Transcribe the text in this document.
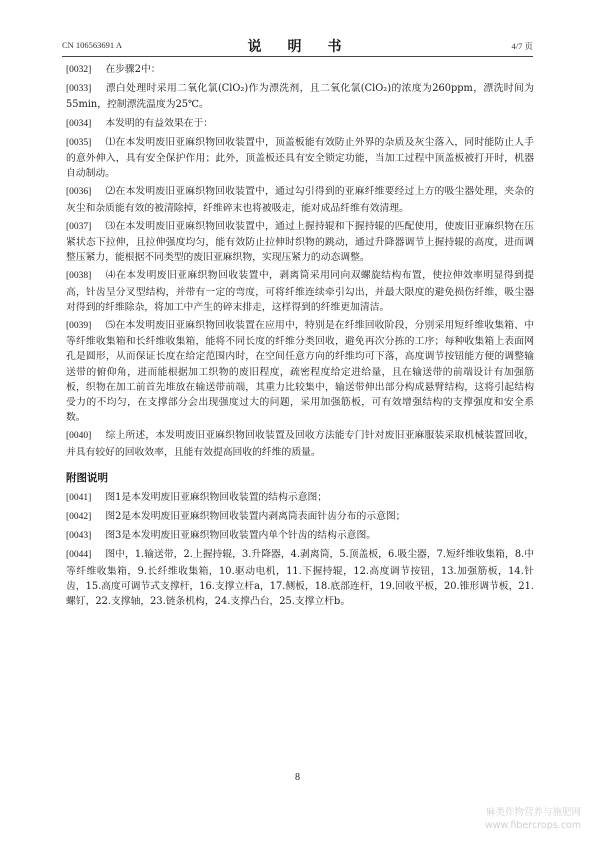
CN 106563691 A	说　明　书	4/7 页

[0032] 在步骤2中：

[0033] 漂白处理时采用二氧化氯(ClO₂)作为漂洗剂，且二氧化氯(ClO₂)的浓度为260ppm，漂洗时间为55min，控制漂洗温度为25℃。

[0034] 本发明的有益效果在于：

[0035] ⑴在本发明废旧亚麻织物回收装置中，顶盖板能有效防止外界的杂质及灰尘落入，同时能防止人手的意外伸入，具有安全保护作用；此外，顶盖板还具有安全锁定功能，当加工过程中顶盖板被打开时，机器自动制动。

[0036] ⑵在本发明废旧亚麻织物回收装置中，通过勾引得到的亚麻纤维要经过上方的吸尘器处理，夹杂的灰尘和杂质能有效的被清除掉，纤维碎末也将被吸走，能对成品纤维有效清理。

[0037] ⑶在本发明废旧亚麻织物回收装置中，通过上握持辊和下握持辊的匹配使用，使废旧亚麻织物在压紧状态下拉伸，且拉伸强度均匀，能有效防止拉伸时织物的跳动，通过升降器调节上握持辊的高度，进而调整压紧力，能根据不同类型的废旧亚麻织物，实现压紧力的动态调整。

[0038] ⑷在本发明废旧亚麻织物回收装置中，剥离筒采用同向双螺旋结构布置，使拉伸效率明显得到提高，针齿呈分叉型结构，并带有一定的弯度，可将纤维连续牵引勾出，并最大限度的避免损伤纤维，吸尘器对得到的纤维除杂，将加工中产生的碎末排走，这样得到的纤维更加清洁。

[0039] ⑸在本发明废旧亚麻织物回收装置在应用中，特别是在纤维回收阶段，分别采用短纤维收集箱、中等纤维收集箱和长纤维收集箱，能将不同长度的纤维分类回收，避免再次分拣的工序；每种收集箱上表面网孔是圆形，从而保证长度在给定范围内时，在空间任意方向的纤维均可下落，高度调节按钮能方便的调整输送带的俯仰角，进而能根据加工织物的废旧程度，疏密程度给定进给量，且在输送带的前端设计有加强筋板，织物在加工前首先堆放在输送带前端，其重力比较集中，输送带伸出部分构成悬臂结构，这将引起结构受力的不均匀，在支撑部分会出现强度过大的问题，采用加强筋板，可有效增强结构的支撑强度和安全系数。

[0040] 综上所述，本发明废旧亚麻织物回收装置及回收方法能专门针对废旧亚麻服装采取机械装置回收，并具有较好的回收效率，且能有效提高回收的纤维的质量。

附图说明

[0041] 图1是本发明废旧亚麻织物回收装置的结构示意图；

[0042] 图2是本发明废旧亚麻织物回收装置内剥离筒表面针齿分布的示意图；

[0043] 图3是本发明废旧亚麻织物回收装置内单个针齿的结构示意图。

[0044] 图中，1.输送带，2.上握持辊，3.升降器，4.剥离筒，5.顶盖板，6.吸尘器，7.短纤维收集箱，8.中等纤维收集箱，9.长纤维收集箱，10.驱动电机，11.下握持辊，12.高度调节按钮，13.加强筋板，14.针齿，15.高度可调节式支撑杆，16.支撑立杆a，17.侧板，18.底部连杆，19.回收平板，20.锥形调节板，21.螺钉，22.支撑轴，23.链条机构，24.支撑凸台，25.支撑立杆b。

8
麻类作物营养与施肥网
www.fibercrops.com
